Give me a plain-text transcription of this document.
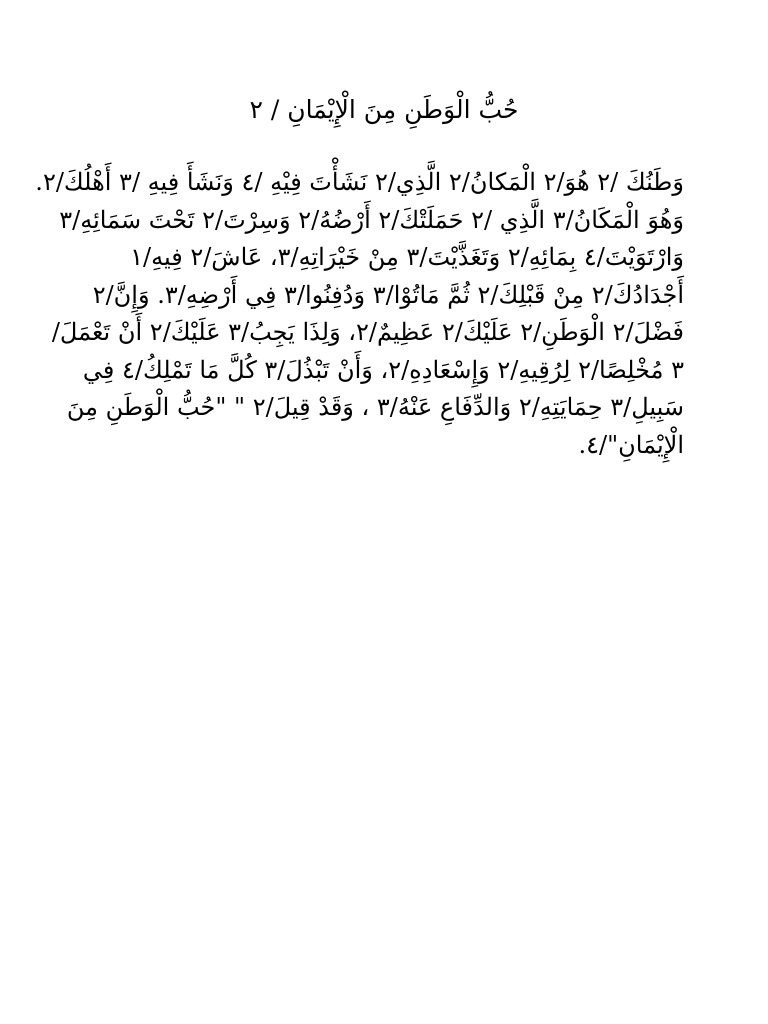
حُبُّ الْوَطَنِ مِنَ الْإِيْمَانِ / ٢
وَطَنُكَ /٢ هُوَ/٢ الْمَكانُ/٢ الَّذِي/٢ نَشَأْتَ فِيْهِ /٤ وَنَشَأَ فِيهِ /٣ أَهْلُكَ/٢.
وَهُوَ الْمَكَانُ/٣ الَّذِي /٢ حَمَلَتْكَ/٢ أَرْضُهُ/٢ وَسِرْتَ/٢ تَحْتَ سَمَائِهِ/٣
وَارْتَوَيْتَ/٤ بِمَائِهِ/٢ وَتَغَذَّيْتَ/٣ مِنْ خَيْرَاتِهِ/٣، عَاشَ/٢ فِيهِ/١
أَجْدَادُكَ/٢ مِنْ قَبْلِكَ/٢ ثُمَّ مَاتُوْا/٣ وَدُفِنُوا/٣ فِي أَرْضِهِ/٣. وَإِنَّ/٢
فَضْلَ/٢ الْوَطَنِ/٢ عَلَيْكَ/٢ عَظِيمٌ/٢، وَلِذَا يَجِبُ/٣ عَلَيْكَ/٢ أَنْ تَعْمَلَ/
٣ مُخْلِصًا/٢ لِرُقِيهِ/٢ وَإِسْعَادِهِ/٢، وَأَنْ تَبْذُلَ/٣ كُلَّ مَا تَمْلِكُ/٤ فِي
سَبِيلِ/٣ حِمَايَتِهِ/٢ وَالدِّفَاعِ عَنْهُ/٣ ، وَقَدْ قِيلَ/٢ " "حُبُّ الْوَطَنِ مِنَ
الْإِيْمَانِ"/٤.
